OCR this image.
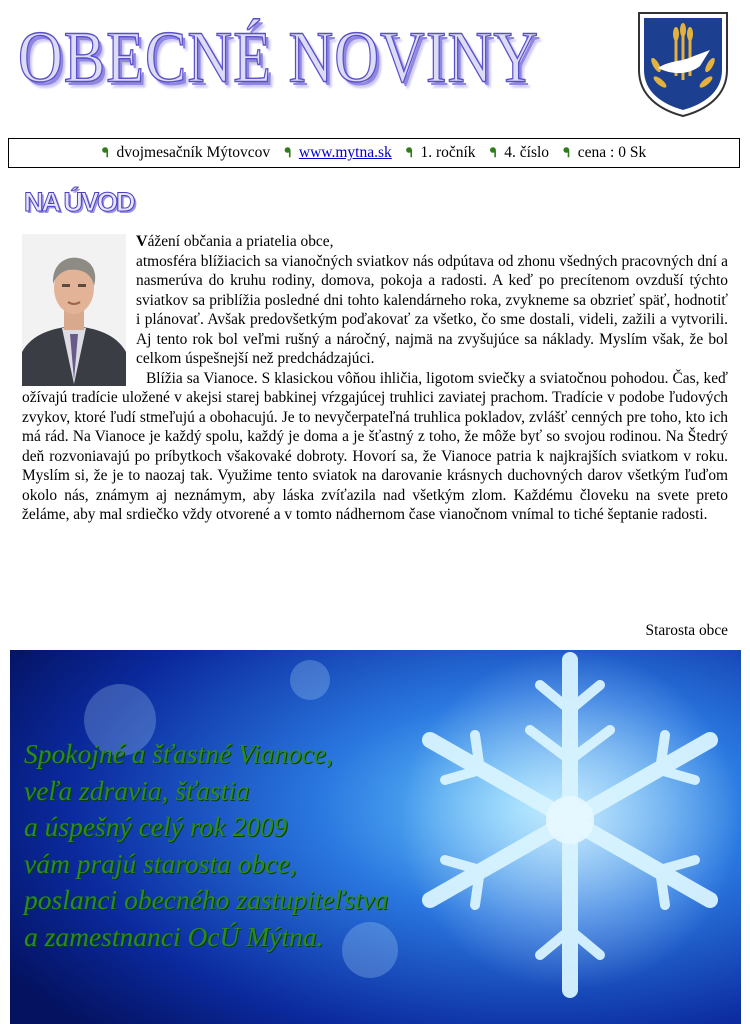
OBECNÉ NOVINY
ᖳ dvojmesačník Mýtovcov ᖳ www.mytna.sk ᖳ 1. ročník ᖳ 4. číslo ᖳ cena : 0 Sk
NA ÚVOD

Vážení občania a priatelia obce,

atmosféra blížiacich sa vianočných sviatkov nás odpútava od zhonu všedných pracovných dní a nasmerúva do kruhu rodiny, domova, pokoja a radosti. A keď po precítenom ovzduší týchto sviatkov sa priblížia posledné dni tohto kalendárneho roka, zvykneme sa obzrieť späť, hodnotiť i plánovať. Avšak predovšetkým poďakovať za všetko, čo sme dostali, videli, zažili a vytvorili. Aj tento rok bol veľmi rušný a náročný, najmä na zvyšujúce sa náklady. Myslím však, že bol celkom úspešnejší než predchádzajúci.

Blížia sa Vianoce. S klasickou vôňou ihličia, ligotom sviečky a sviatočnou pohodou. Čas, keď ožívajú tradície uložené v akejsi starej babkinej vŕzgajúcej truhlici zaviatej prachom. Tradície v podobe ľudových zvykov, ktoré ľudí stmeľujú a obohacujú. Je to nevyčerpateľná truhlica pokladov, zvlášť cenných pre toho, kto ich má rád. Na Vianoce je každý spolu, každý je doma a je šťastný z toho, že môže byť so svojou rodinou. Na Štedrý deň rozvoniavajú po príbytkoch všakovaké dobroty. Hovorí sa, že Vianoce patria k najkrajších sviatkom v roku. Myslím si, že je to naozaj tak. Využime tento sviatok na darovanie krásnych duchovných darov všetkým ľuďom okolo nás, známym aj neznámym, aby láska zvíťazila nad všetkým zlom. Každému človeku na svete preto želáme, aby mal srdiečko vždy otvorené a v tomto nádhernom čase vianočnom vnímal to tiché šeptanie radosti.

Starosta obce
Spokojné a šťastné Vianoce,
veľa zdravia, šťastia
a úspešný celý rok 2009
vám prajú starosta obce,
poslanci obecného zastupiteľstva
a zamestnanci OcÚ Mýtna.
